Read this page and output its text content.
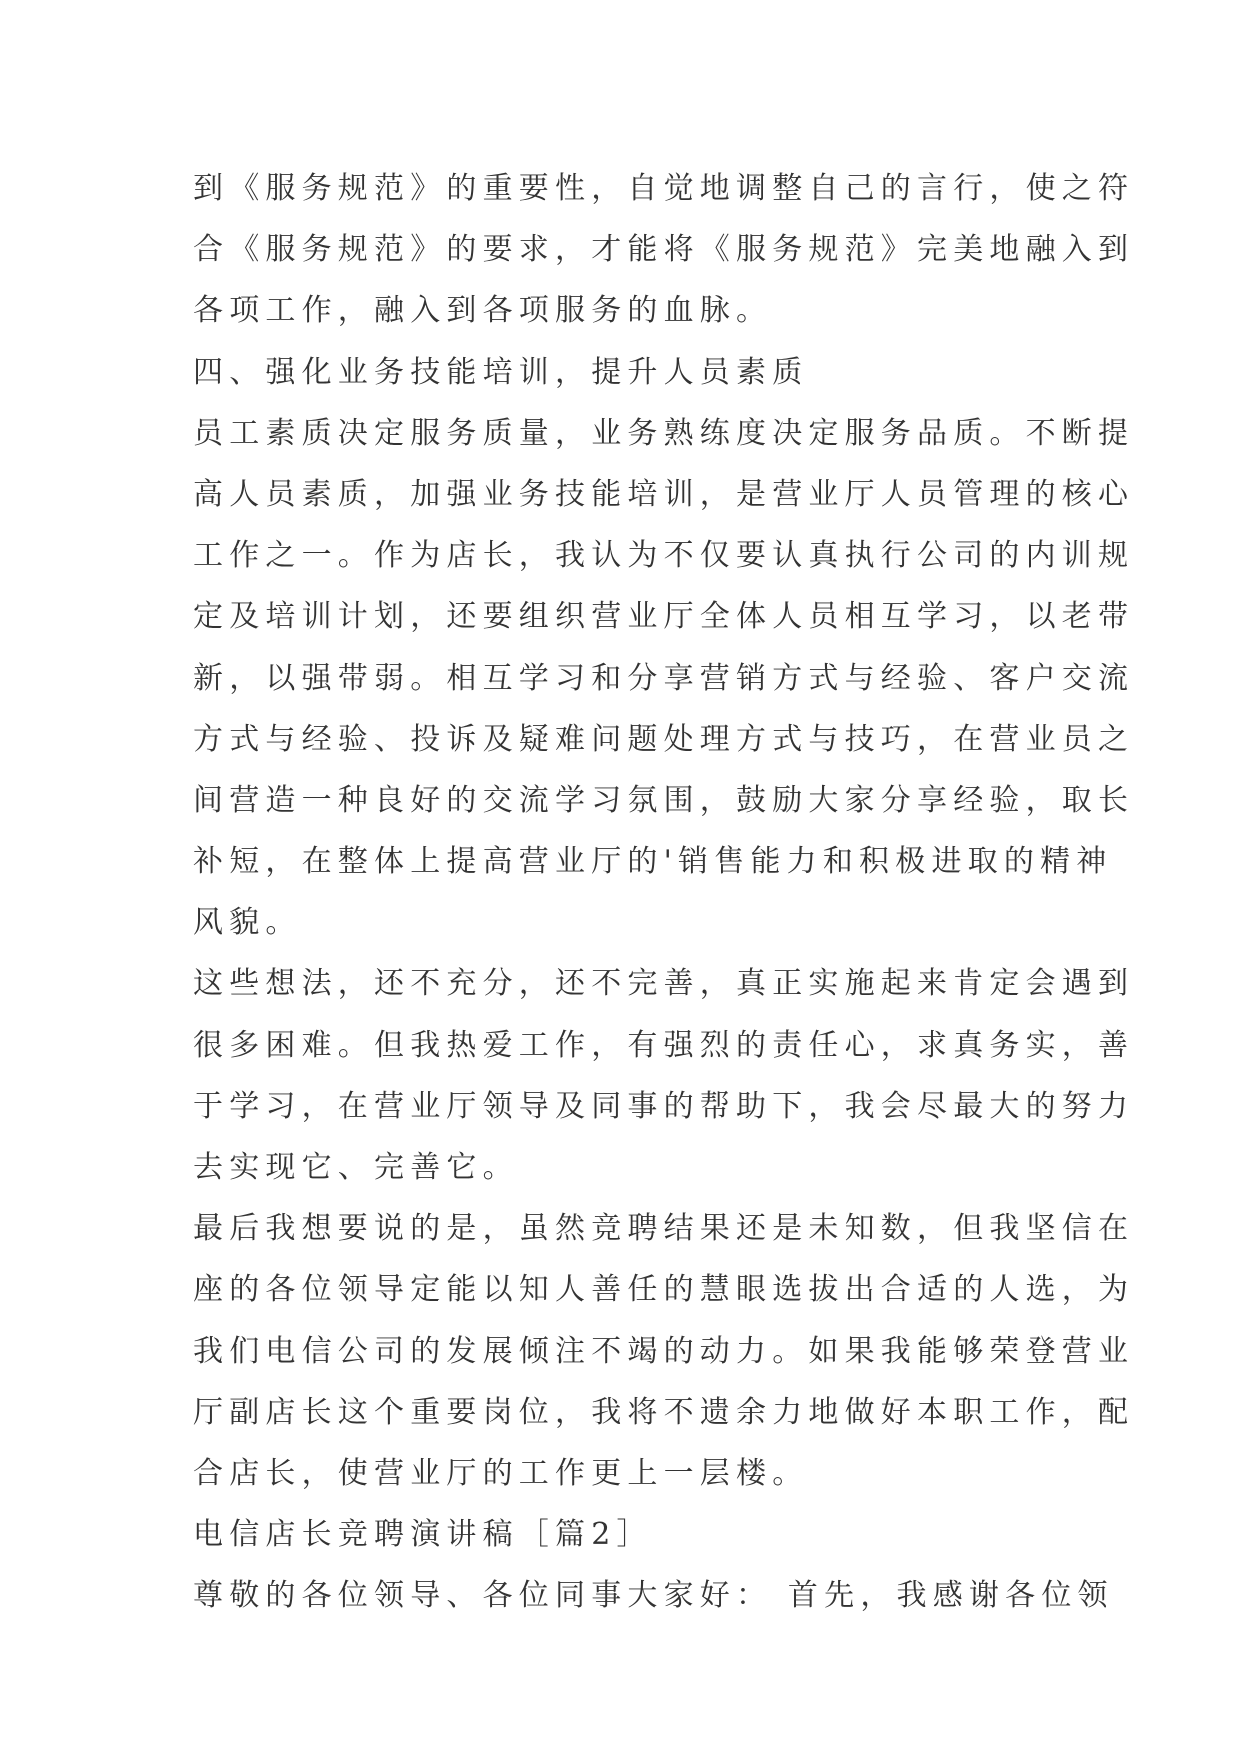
到《服务规范》的重要性，自觉地调整自己的言行，使之符
合《服务规范》的要求，才能将《服务规范》完美地融入到
各项工作，融入到各项服务的血脉。
四、强化业务技能培训，提升人员素质
员工素质决定服务质量，业务熟练度决定服务品质。不断提
高人员素质，加强业务技能培训，是营业厅人员管理的核心
工作之一。作为店长，我认为不仅要认真执行公司的内训规
定及培训计划，还要组织营业厅全体人员相互学习，以老带
新，以强带弱。相互学习和分享营销方式与经验、客户交流
方式与经验、投诉及疑难问题处理方式与技巧，在营业员之
间营造一种良好的交流学习氛围，鼓励大家分享经验，取长
补短，在整体上提高营业厅的'销售能力和积极进取的精神
风貌。
这些想法，还不充分，还不完善，真正实施起来肯定会遇到
很多困难。但我热爱工作，有强烈的责任心，求真务实，善
于学习，在营业厅领导及同事的帮助下，我会尽最大的努力
去实现它、完善它。
最后我想要说的是，虽然竞聘结果还是未知数，但我坚信在
座的各位领导定能以知人善任的慧眼选拔出合适的人选，为
我们电信公司的发展倾注不竭的动力。如果我能够荣登营业
厅副店长这个重要岗位，我将不遗余力地做好本职工作，配
合店长，使营业厅的工作更上一层楼。
电信店长竞聘演讲稿［篇2］
尊敬的各位领导、各位同事大家好： 首先，我感谢各位领
